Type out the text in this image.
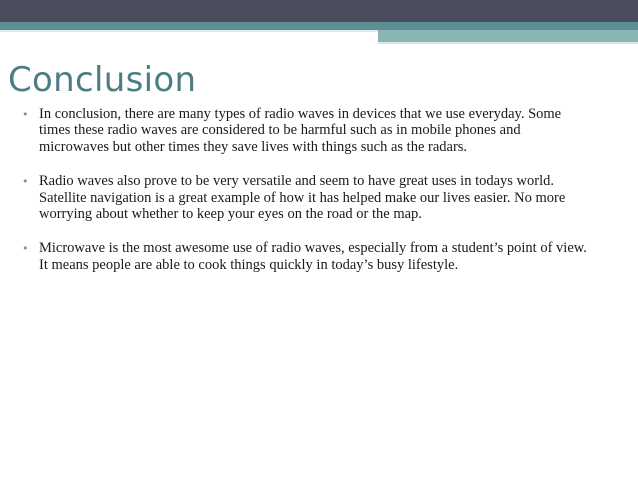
Conclusion
• In conclusion, there are many types of radio waves in devices that we use everyday. Some times these radio waves are considered to be harmful such as in mobile phones and microwaves but other times they save lives with things such as the radars.
• Radio waves also prove to be very versatile and seem to have great uses in todays world. Satellite navigation is a great example of how it has helped make our lives easier. No more worrying about whether to keep your eyes on the road or the map.
• Microwave is the most awesome use of radio waves, especially from a student’s point of view. It means people are able to cook things quickly in today’s busy lifestyle.
